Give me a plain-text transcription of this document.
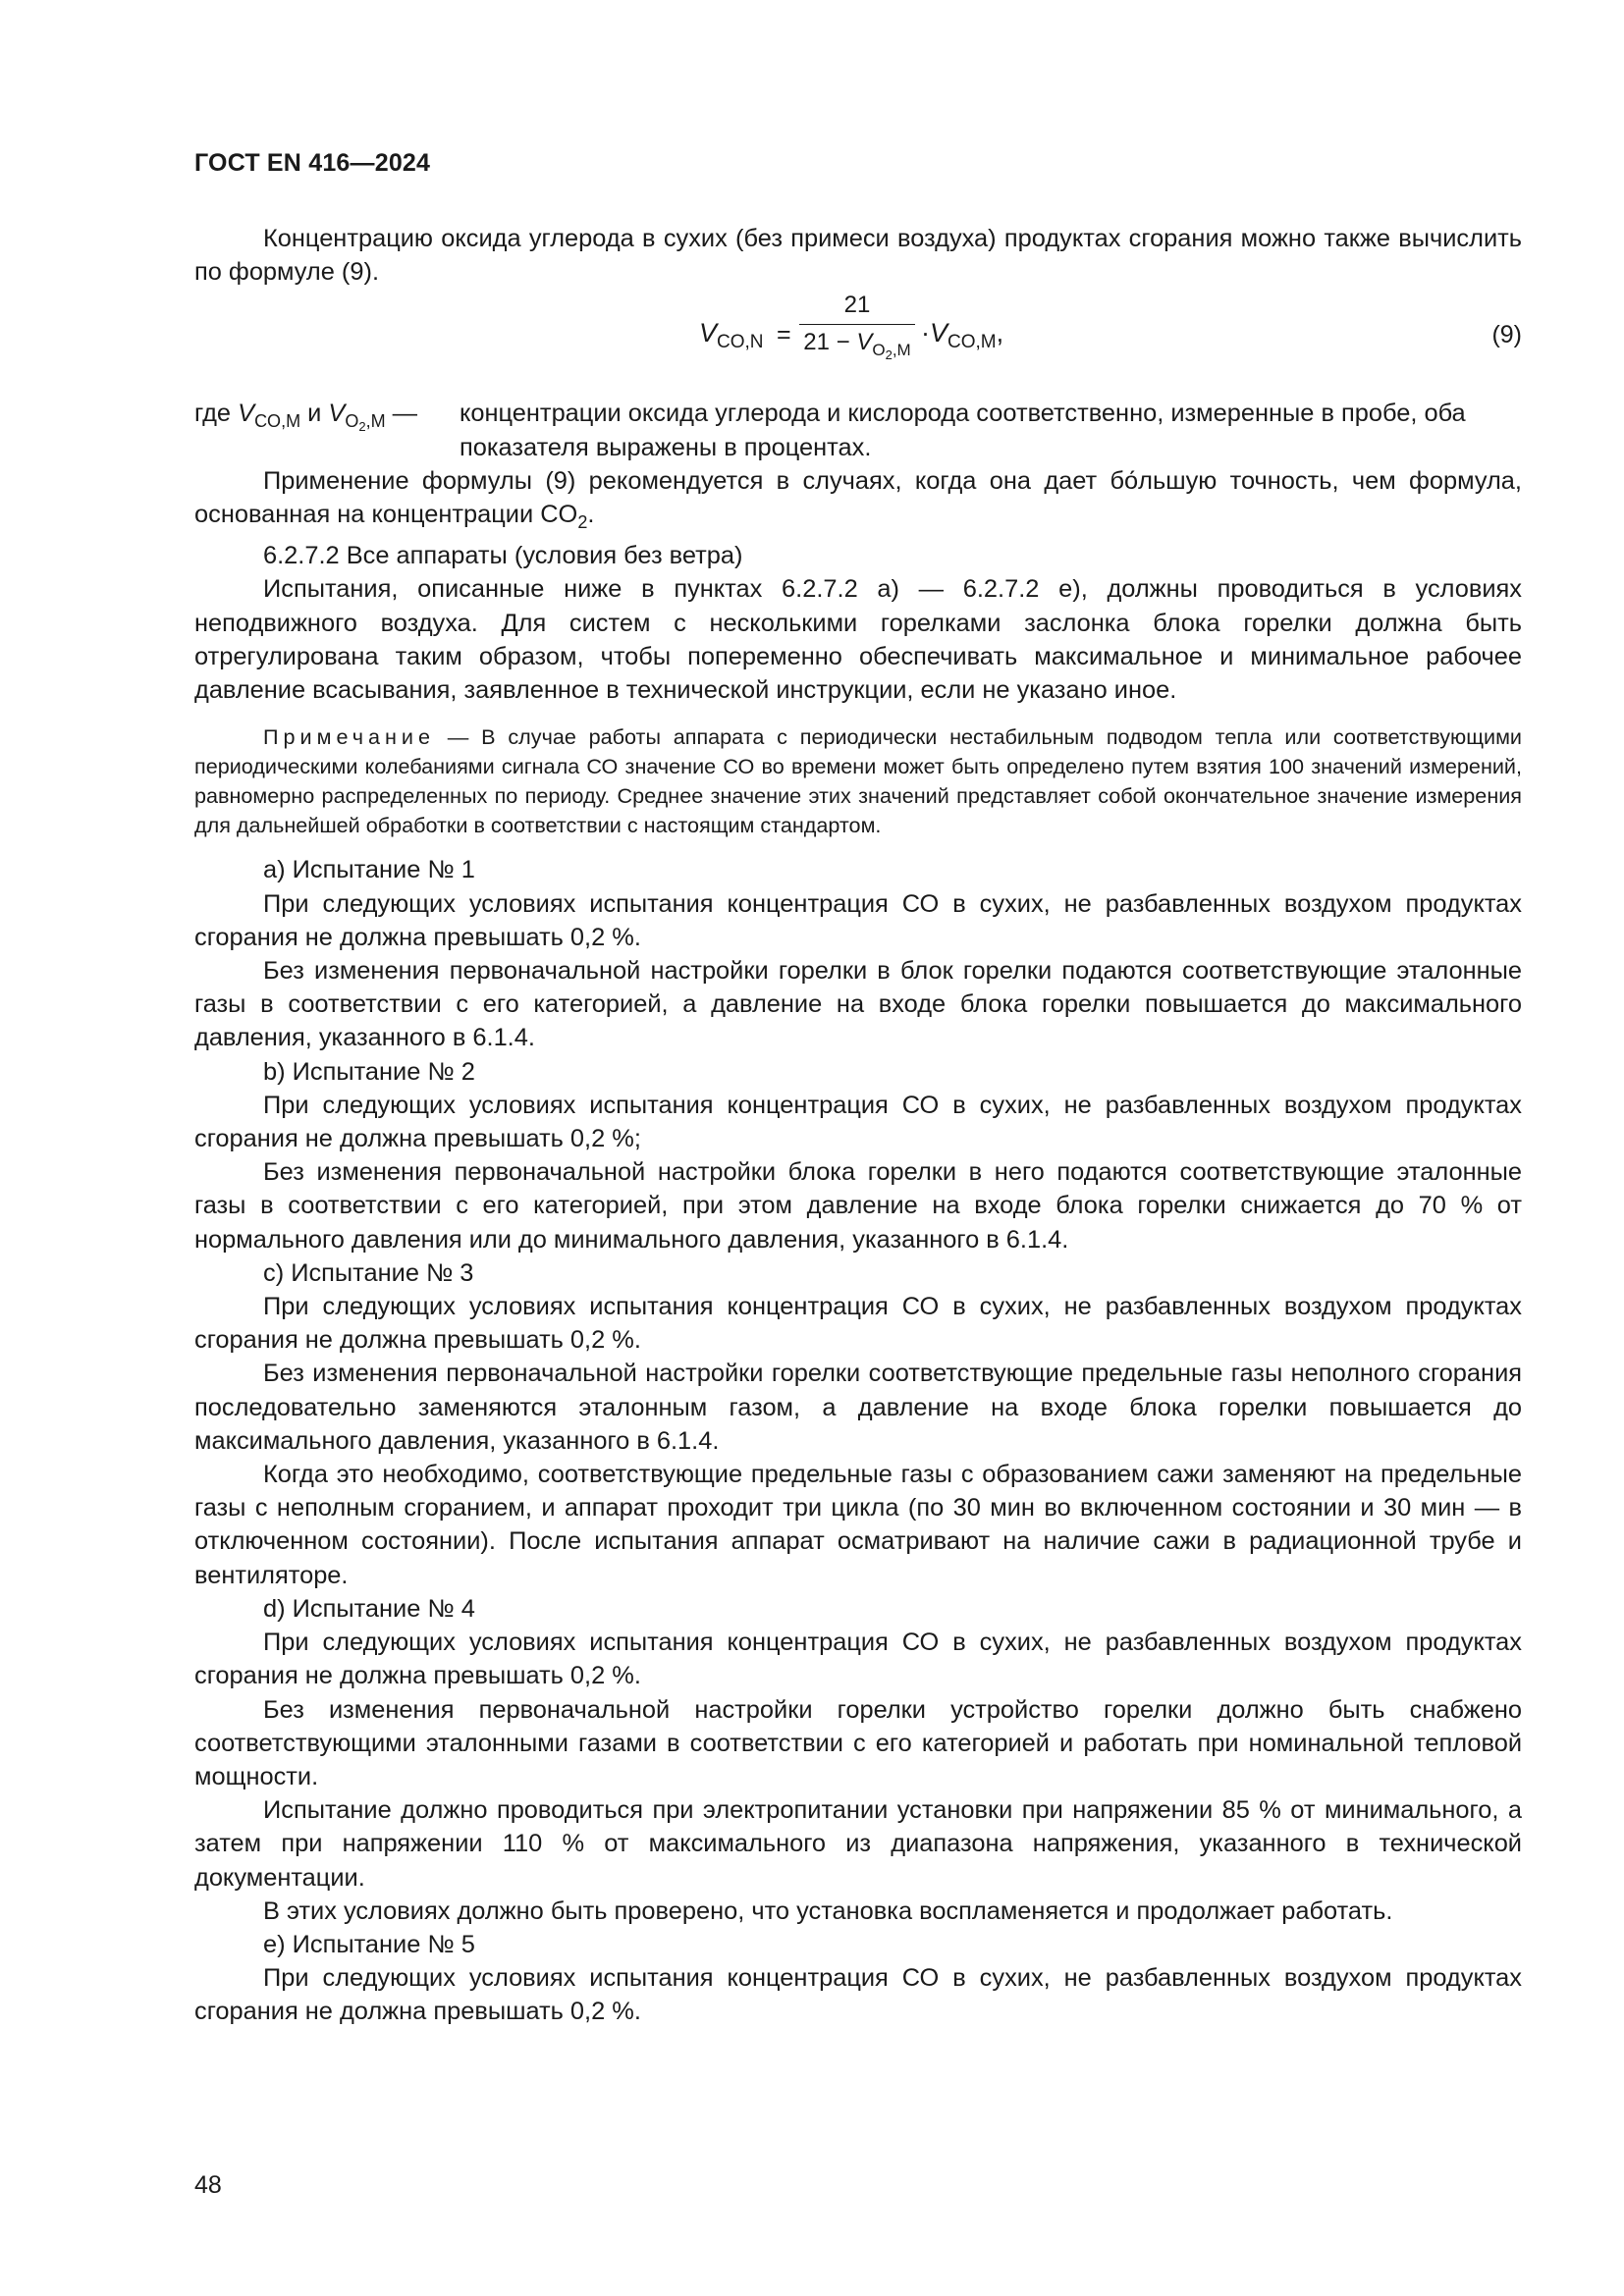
ГОСТ EN 416—2024

Концентрацию оксида углерода в сухих (без примеси воздуха) продуктах сгорания можно также вычислить по формуле (9).

$V_{CO,N}$ =
21
$21 - V_{O_2,M}$
$\cdot V_{CO,M}$,	(9)
где $V_{CO,M}$ и $V_{O_2,M}$ — концентрации оксида углерода и кислорода соответственно, измеренные в пробе, оба показателя выражены в процентах.

Применение формулы (9) рекомендуется в случаях, когда она дает бо́льшую точность, чем формула, основанная на концентрации $CO_2$.

6.2.7.2 Все аппараты (условия без ветра)

Испытания, описанные ниже в пунктах 6.2.7.2 а) — 6.2.7.2 е), должны проводиться в условиях неподвижного воздуха. Для систем с несколькими горелками заслонка блока горелки должна быть отрегулирована таким образом, чтобы попеременно обеспечивать максимальное и минимальное рабочее давление всасывания, заявленное в технической инструкции, если не указано иное.

Примечание — В случае работы аппарата с периодически нестабильным подводом тепла или соответствующими периодическими колебаниями сигнала СО значение СО во времени может быть определено путем взятия 100 значений измерений, равномерно распределенных по периоду. Среднее значение этих значений представляет собой окончательное значение измерения для дальнейшей обработки в соответствии с настоящим стандартом.

а) Испытание № 1

При следующих условиях испытания концентрация СО в сухих, не разбавленных воздухом продуктах сгорания не должна превышать 0,2 %.

Без изменения первоначальной настройки горелки в блок горелки подаются соответствующие эталонные газы в соответствии с его категорией, а давление на входе блока горелки повышается до максимального давления, указанного в 6.1.4.

b) Испытание № 2

При следующих условиях испытания концентрация СО в сухих, не разбавленных воздухом продуктах сгорания не должна превышать 0,2 %;

Без изменения первоначальной настройки блока горелки в него подаются соответствующие эталонные газы в соответствии с его категорией, при этом давление на входе блока горелки снижается до 70 % от нормального давления или до минимального давления, указанного в 6.1.4.

с) Испытание № 3

При следующих условиях испытания концентрация СО в сухих, не разбавленных воздухом продуктах сгорания не должна превышать 0,2 %.

Без изменения первоначальной настройки горелки соответствующие предельные газы неполного сгорания последовательно заменяются эталонным газом, а давление на входе блока горелки повышается до максимального давления, указанного в 6.1.4.

Когда это необходимо, соответствующие предельные газы с образованием сажи заменяют на предельные газы с неполным сгоранием, и аппарат проходит три цикла (по 30 мин во включенном состоянии и 30 мин — в отключенном состоянии). После испытания аппарат осматривают на наличие сажи в радиационной трубе и вентиляторе.

d) Испытание № 4

При следующих условиях испытания концентрация СО в сухих, не разбавленных воздухом продуктах сгорания не должна превышать 0,2 %.

Без изменения первоначальной настройки горелки устройство горелки должно быть снабжено соответствующими эталонными газами в соответствии с его категорией и работать при номинальной тепловой мощности.

Испытание должно проводиться при электропитании установки при напряжении 85 % от минимального, а затем при напряжении 110 % от максимального из диапазона напряжения, указанного в технической документации.

В этих условиях должно быть проверено, что установка воспламеняется и продолжает работать.

е) Испытание № 5

При следующих условиях испытания концентрация СО в сухих, не разбавленных воздухом продуктах сгорания не должна превышать 0,2 %.

48
